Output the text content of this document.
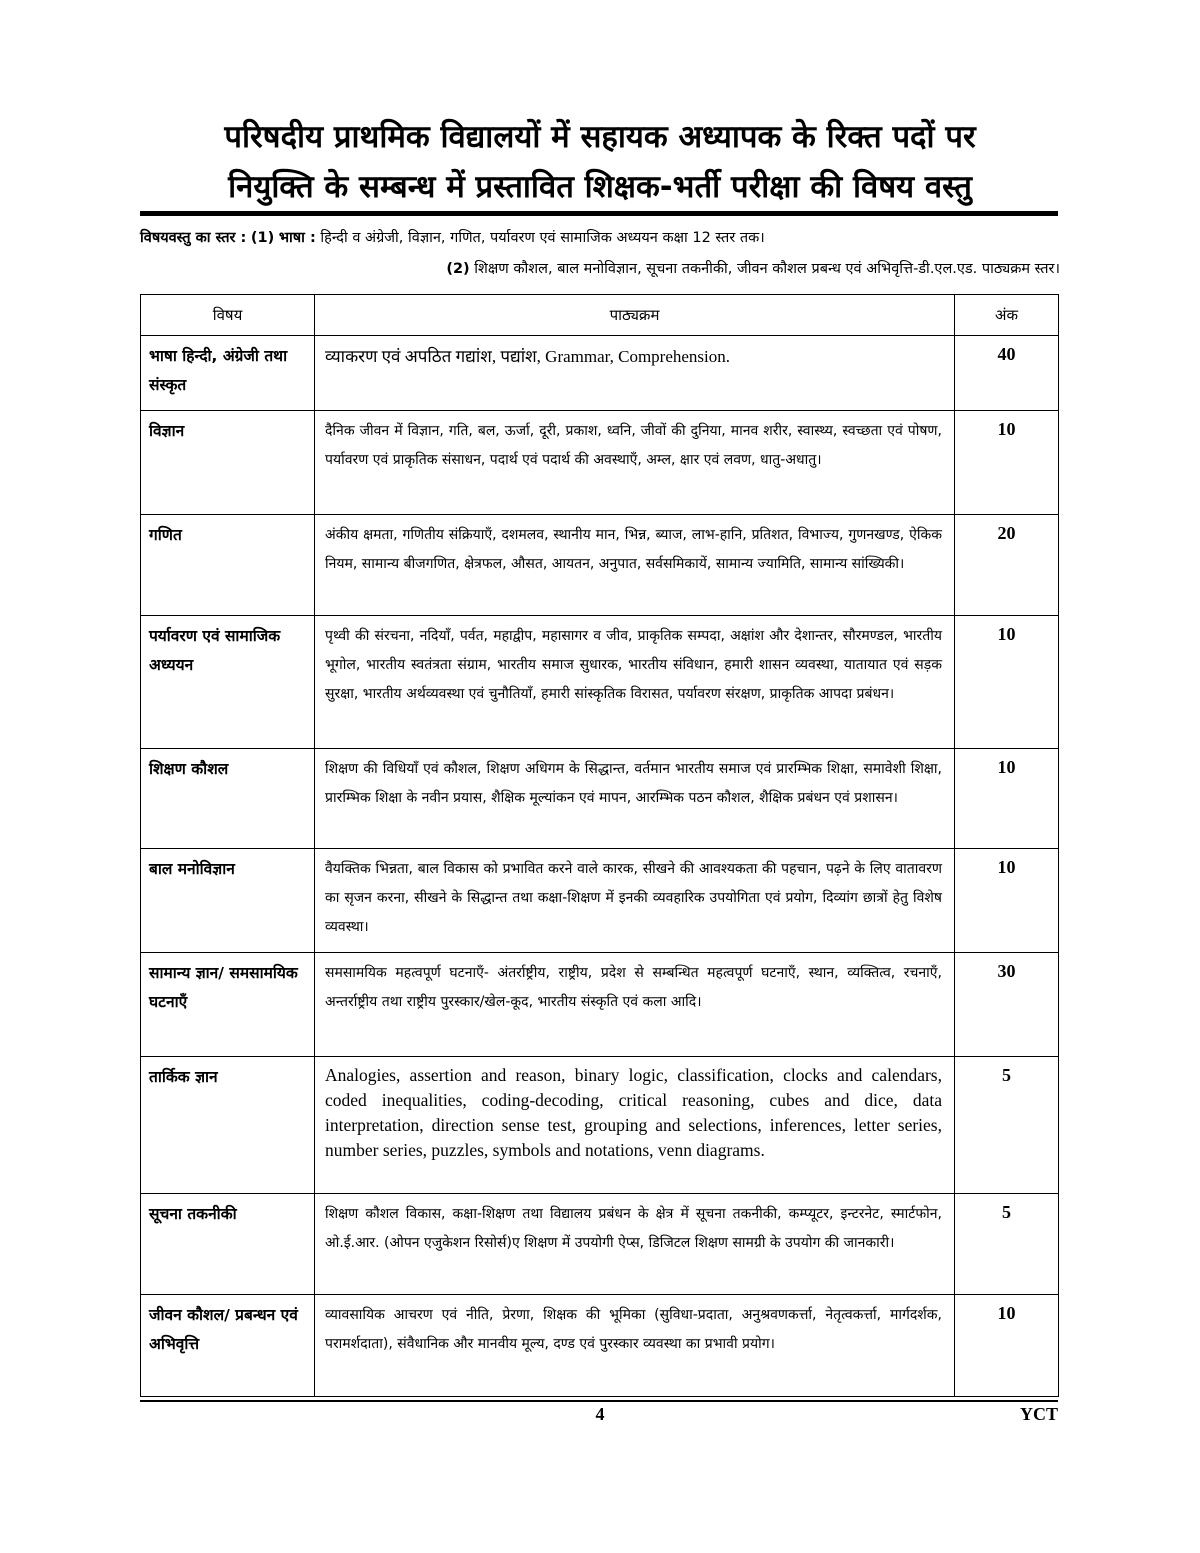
परिषदीय प्राथमिक विद्यालयों में सहायक अध्यापक के रिक्त पदों पर
नियुक्ति के सम्बन्ध में प्रस्तावित शिक्षक-भर्ती परीक्षा की विषय वस्तु
विषयवस्तु का स्तर : (1) भाषा : हिन्दी व अंग्रेजी, विज्ञान, गणित, पर्यावरण एवं सामाजिक अध्ययन कक्षा 12 स्तर तक।
(2) शिक्षण कौशल, बाल मनोविज्ञान, सूचना तकनीकी, जीवन कौशल प्रबन्ध एवं अभिवृत्ति-डी.एल.एड. पाठ्यक्रम स्तर।
विषय	पाठ्यक्रम	अंक
भाषा हिन्दी, अंग्रेजी तथा संस्कृत	व्याकरण एवं अपठित गद्यांश, पद्यांश, Grammar, Comprehension.	40
विज्ञान	दैनिक जीवन में विज्ञान, गति, बल, ऊर्जा, दूरी, प्रकाश, ध्वनि, जीवों की दुनिया, मानव शरीर, स्वास्थ्य, स्वच्छता एवं पोषण, पर्यावरण एवं प्राकृतिक संसाधन, पदार्थ एवं पदार्थ की अवस्थाएँ, अम्ल, क्षार एवं लवण, धातु-अधातु।	10
गणित	अंकीय क्षमता, गणितीय संक्रियाएँ, दशमलव, स्थानीय मान, भिन्न, ब्याज, लाभ-हानि, प्रतिशत, विभाज्य, गुणनखण्ड, ऐकिक नियम, सामान्य बीजगणित, क्षेत्रफल, औसत, आयतन, अनुपात, सर्वसमिकायें, सामान्य ज्यामिति, सामान्य सांख्यिकी।	20
पर्यावरण एवं सामाजिक अध्ययन	पृथ्वी की संरचना, नदियाँ, पर्वत, महाद्वीप, महासागर व जीव, प्राकृतिक सम्पदा, अक्षांश और देशान्तर, सौरमण्डल, भारतीय भूगोल, भारतीय स्वतंत्रता संग्राम, भारतीय समाज सुधारक, भारतीय संविधान, हमारी शासन व्यवस्था, यातायात एवं सड़क सुरक्षा, भारतीय अर्थव्यवस्था एवं चुनौतियाँ, हमारी सांस्कृतिक विरासत, पर्यावरण संरक्षण, प्राकृतिक आपदा प्रबंधन।	10
शिक्षण कौशल	शिक्षण की विधियाँ एवं कौशल, शिक्षण अधिगम के सिद्धान्त, वर्तमान भारतीय समाज एवं प्रारम्भिक शिक्षा, समावेशी शिक्षा, प्रारम्भिक शिक्षा के नवीन प्रयास, शैक्षिक मूल्यांकन एवं मापन, आरम्भिक पठन कौशल, शैक्षिक प्रबंधन एवं प्रशासन।	10
बाल मनोविज्ञान	वैयक्तिक भिन्नता, बाल विकास को प्रभावित करने वाले कारक, सीखने की आवश्यकता की पहचान, पढ़ने के लिए वातावरण का सृजन करना, सीखने के सिद्धान्त तथा कक्षा-शिक्षण में इनकी व्यवहारिक उपयोगिता एवं प्रयोग, दिव्यांग छात्रों हेतु विशेष व्यवस्था।	10
सामान्य ज्ञान/ समसामयिक घटनाएँ	समसामयिक महत्वपूर्ण घटनाएँ- अंतर्राष्ट्रीय, राष्ट्रीय, प्रदेश से सम्बन्धित महत्वपूर्ण घटनाएँ, स्थान, व्यक्तित्व, रचनाएँ, अन्तर्राष्ट्रीय तथा राष्ट्रीय पुरस्कार/खेल-कूद, भारतीय संस्कृति एवं कला आदि।	30
तार्किक ज्ञान	Analogies, assertion and reason, binary logic, classification, clocks and calendars, coded inequalities, coding-decoding, critical reasoning, cubes and dice, data interpretation, direction sense test, grouping and selections, inferences, letter series, number series, puzzles, symbols and notations, venn diagrams.	5
सूचना तकनीकी	शिक्षण कौशल विकास, कक्षा-शिक्षण तथा विद्यालय प्रबंधन के क्षेत्र में सूचना तकनीकी, कम्प्यूटर, इन्टरनेट, स्मार्टफोन, ओ.ई.आर. (ओपन एजुकेशन रिसोर्स)ए शिक्षण में उपयोगी ऐप्स, डिजिटल शिक्षण सामग्री के उपयोग की जानकारी।	5
जीवन कौशल/ प्रबन्धन एवं अभिवृत्ति	व्यावसायिक आचरण एवं नीति, प्रेरणा, शिक्षक की भूमिका (सुविधा-प्रदाता, अनुश्रवणकर्त्ता, नेतृत्वकर्त्ता, मार्गदर्शक, परामर्शदाता), संवैधानिक और मानवीय मूल्य, दण्ड एवं पुरस्कार व्यवस्था का प्रभावी प्रयोग।	10
4	YCT
